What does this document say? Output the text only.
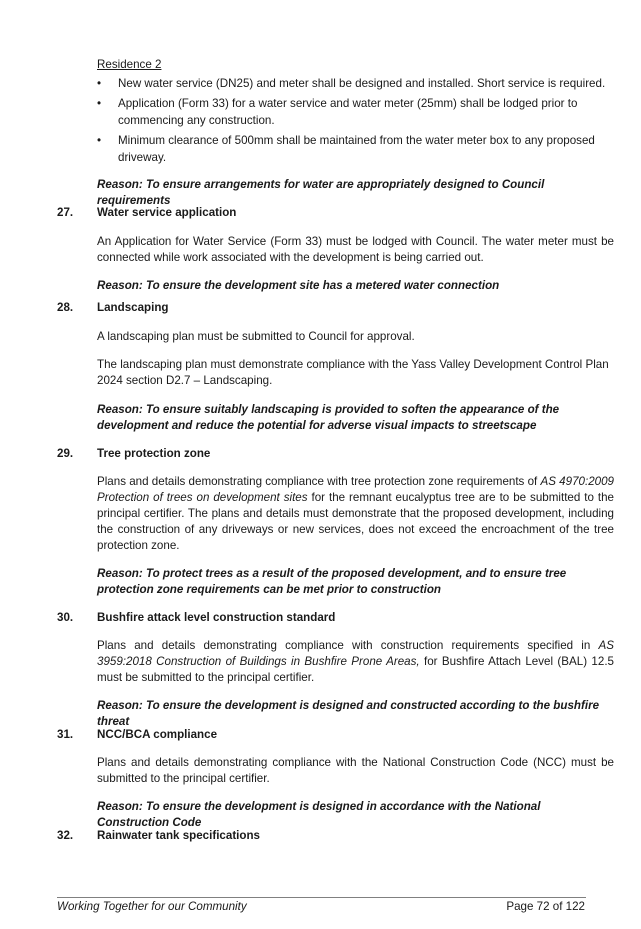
Residence 2
• New water service (DN25) and meter shall be designed and installed. Short service is required.
• Application (Form 33) for a water service and water meter (25mm) shall be lodged prior to commencing any construction.
• Minimum clearance of 500mm shall be maintained from the water meter box to any proposed driveway.
Reason: To ensure arrangements for water are appropriately designed to Council requirements
27. Water service application
An Application for Water Service (Form 33) must be lodged with Council. The water meter must be connected while work associated with the development is being carried out.
Reason: To ensure the development site has a metered water connection
28. Landscaping
A landscaping plan must be submitted to Council for approval.
The landscaping plan must demonstrate compliance with the Yass Valley Development Control Plan 2024 section D2.7 – Landscaping.
Reason: To ensure suitably landscaping is provided to soften the appearance of the development and reduce the potential for adverse visual impacts to streetscape
29. Tree protection zone
Plans and details demonstrating compliance with tree protection zone requirements of AS 4970:2009 Protection of trees on development sites for the remnant eucalyptus tree are to be submitted to the principal certifier. The plans and details must demonstrate that the proposed development, including the construction of any driveways or new services, does not exceed the encroachment of the tree protection zone.
Reason: To protect trees as a result of the proposed development, and to ensure tree protection zone requirements can be met prior to construction
30. Bushfire attack level construction standard
Plans and details demonstrating compliance with construction requirements specified in AS 3959:2018 Construction of Buildings in Bushfire Prone Areas, for Bushfire Attach Level (BAL) 12.5 must be submitted to the principal certifier.
Reason: To ensure the development is designed and constructed according to the bushfire threat
31. NCC/BCA compliance
Plans and details demonstrating compliance with the National Construction Code (NCC) must be submitted to the principal certifier.
Reason: To ensure the development is designed in accordance with the National Construction Code
32. Rainwater tank specifications
Working Together for our Community	Page 72 of 122
